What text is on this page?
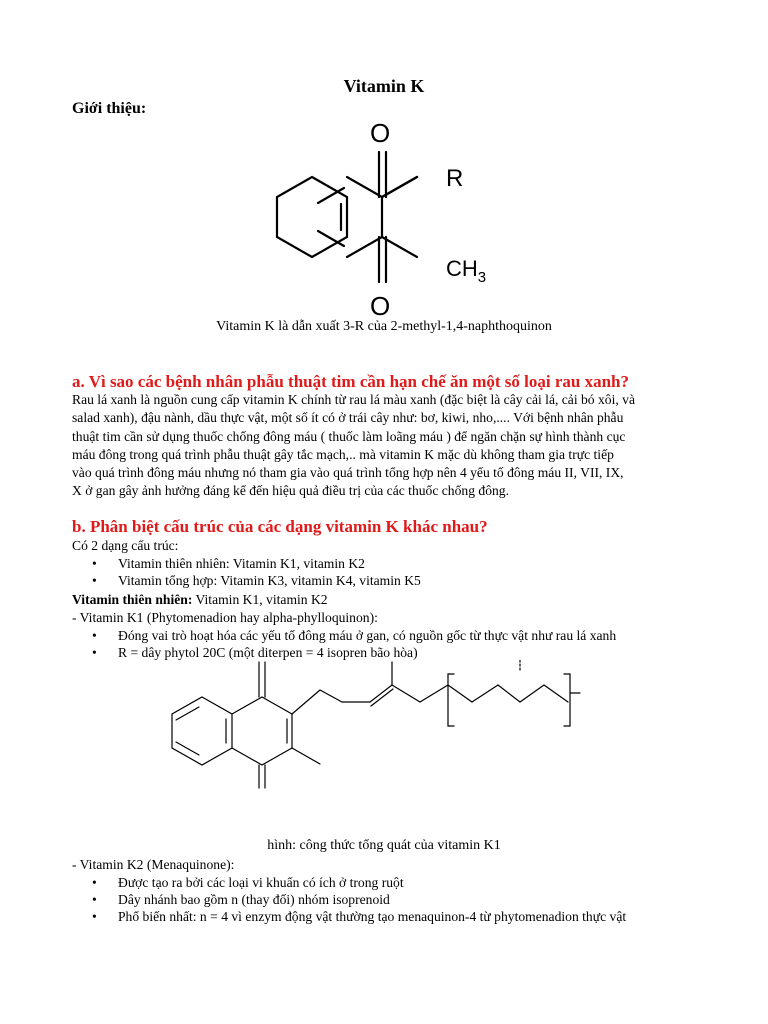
Vitamin K
Giới thiệu:
O
O
R
$CH_3$
Vitamin K là dẫn xuất 3-R của 2-methyl-1,4-naphthoquinon
a. Vì sao các bệnh nhân phẫu thuật tim cần hạn chế ăn một số loại rau xanh?
Rau lá xanh là nguồn cung cấp vitamin K chính từ rau lá màu xanh (đặc biệt là cây cải lá, cải bó xôi, và
salad xanh), đậu nành, dầu thực vật, một số ít có ở trái cây như: bơ, kiwi, nho,.... Với bệnh nhân phẫu
thuật tim cần sử dụng thuốc chống đông máu ( thuốc làm loãng máu ) để ngăn chặn sự hình thành cục
máu đông trong quá trình phẫu thuật gây tắc mạch,.. mà vitamin K mặc dù không tham gia trực tiếp
vào quá trình đông máu nhưng nó tham gia vào quá trình tổng hợp nên 4 yếu tố đông máu II, VII, IX,
X ở gan gây ảnh hưởng đáng kể đến hiệu quả điều trị của các thuốc chống đông.
b. Phân biệt cấu trúc của các dạng vitamin K khác nhau?
Có 2 dạng cấu trúc:
• Vitamin thiên nhiên: Vitamin K1, vitamin K2
• Vitamin tổng hợp: Vitamin K3, vitamin K4, vitamin K5
Vitamin thiên nhiên: Vitamin K1, vitamin K2
- Vitamin K1 (Phytomenadion hay alpha-phylloquinon):
• Đóng vai trò hoạt hóa các yếu tố đông máu ở gan, có nguồn gốc từ thực vật như rau lá xanh
• R = dây phytol 20C (một diterpen = 4 isopren bão hòa)
hình: công thức tổng quát của vitamin K1
- Vitamin K2 (Menaquinone):
• Được tạo ra bởi các loại vi khuẩn có ích ở trong ruột
• Dây nhánh bao gồm n (thay đổi) nhóm isoprenoid
• Phổ biến nhất: n = 4 vì enzym động vật thường tạo menaquinon-4 từ phytomenadion thực vật
